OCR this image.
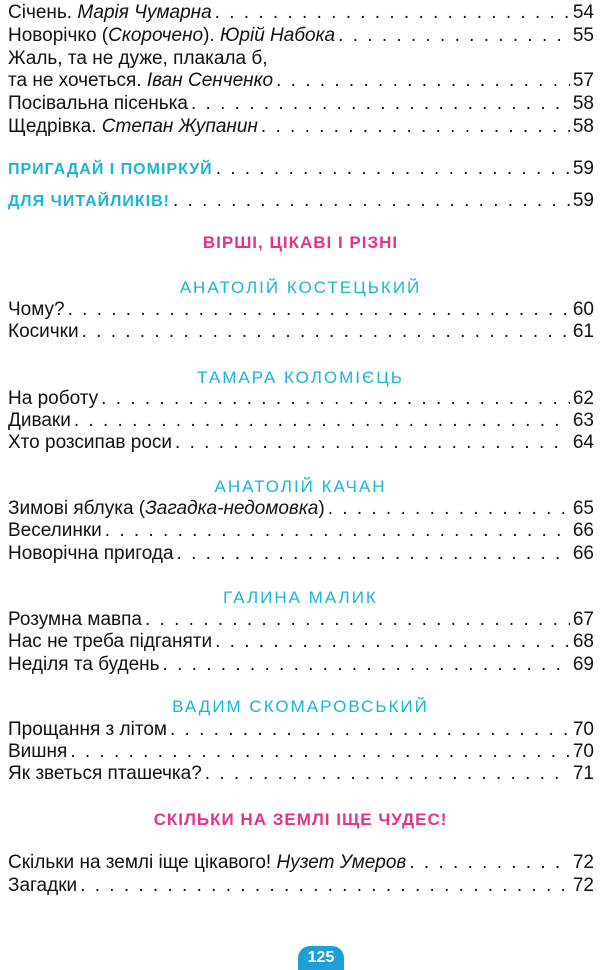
Січень. Марія Чумарна . . .	54
Новорічко (Скорочено). Юрій Набока . . .	55
Жаль, та не дуже, плакала б,
та не хочеться. Іван Сенченко . . .	57
Посівальна пісенька . . .	58
Щедрівка. Степан Жупанин . . .	58
ПРИГАДАЙ І ПОМІРКУЙ . . .	59
ДЛЯ ЧИТАЙЛИКІВ! . . .	59
ВІРШІ, ЦІКАВІ І РІЗНІ
АНАТОЛІЙ КОСТЕЦЬКИЙ
Чому? . . .	60
Косички . . .	61
ТАМАРА КОЛОМІЄЦЬ
На роботу . . .	62
Диваки . . .	63
Хто розсипав роси . . .	64
АНАТОЛІЙ КАЧАН
Зимові яблука (Загадка-недомовка) . . .	65
Веселинки . . .	66
Новорічна пригода . . .	66
ГАЛИНА МАЛИК
Розумна мавпа . . .	67
Нас не треба підганяти . . .	68
Неділя та будень . . .	69
ВАДИМ СКОМАРОВСЬКИЙ
Прощання з літом . . .	70
Вишня . . .	70
Як зветься пташечка? . . .	71
СКІЛЬКИ НА ЗЕМЛІ ІЩЕ ЧУДЕС!
Скільки на землі іще цікавого! Нузет Умеров . . .	72
Загадки . . .	72
125
